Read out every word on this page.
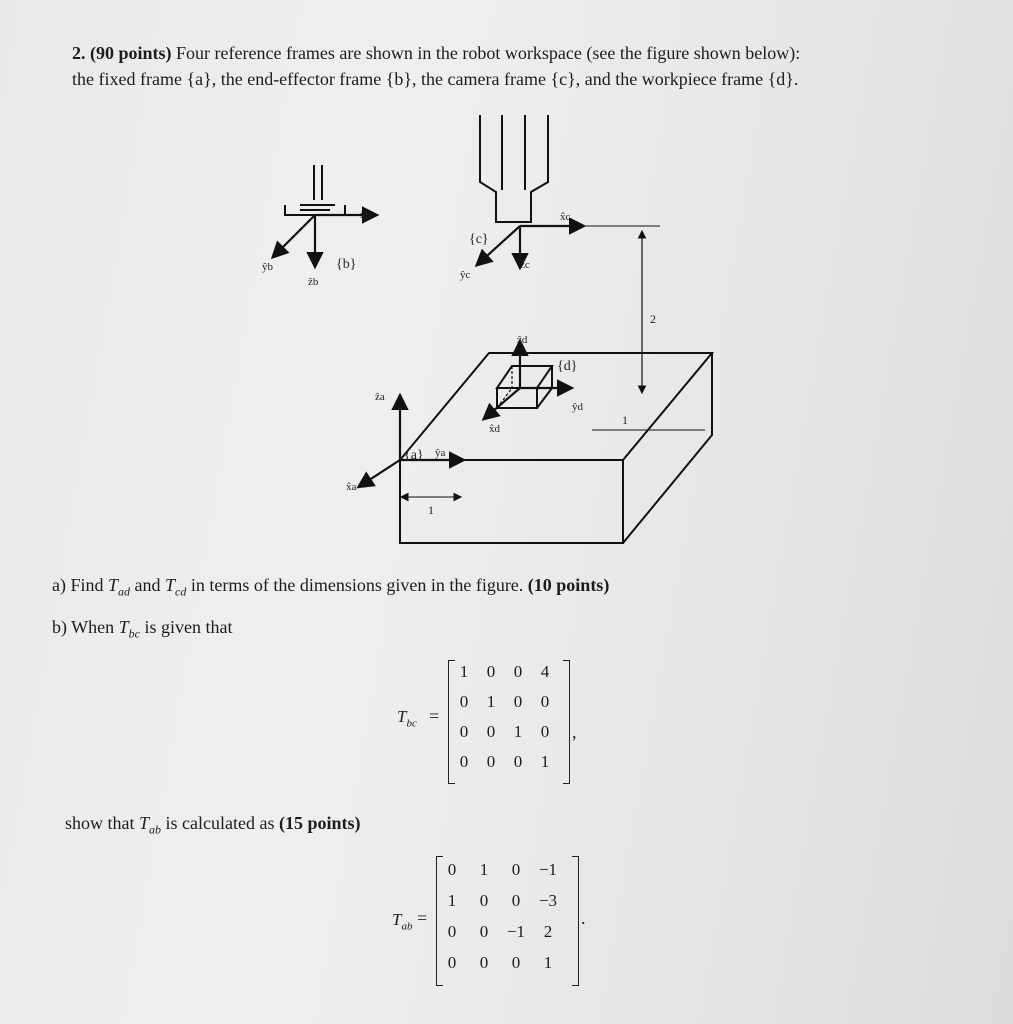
2. (90 points) Four reference frames are shown in the robot workspace (see the figure shown below):
the fixed frame {a}, the end-effector frame {b}, the camera frame {c}, and the workpiece frame {d}.
{c}
{b}
{d}
{a}
x̂b
ŷb
ẑb
x̂c
ŷc
ẑc
ẑd
ŷd
x̂d
ẑa
ŷa
x̂a
2
1
1
a) Find $T_{ad}$ and $T_{cd}$ in terms of the dimensions given in the figure. (10 points)
b) When $T_{bc}$ is given that
$T_{bc}$ =
1	0	0	4
0	1	0	0
0	0	1	0
0	0	0	1
,
show that $T_{ab}$ is calculated as (15 points)
$T_{ab}$ =
0	1	0	−1
1	0	0	−3
0	0	−1	2
0	0	0	1
.
